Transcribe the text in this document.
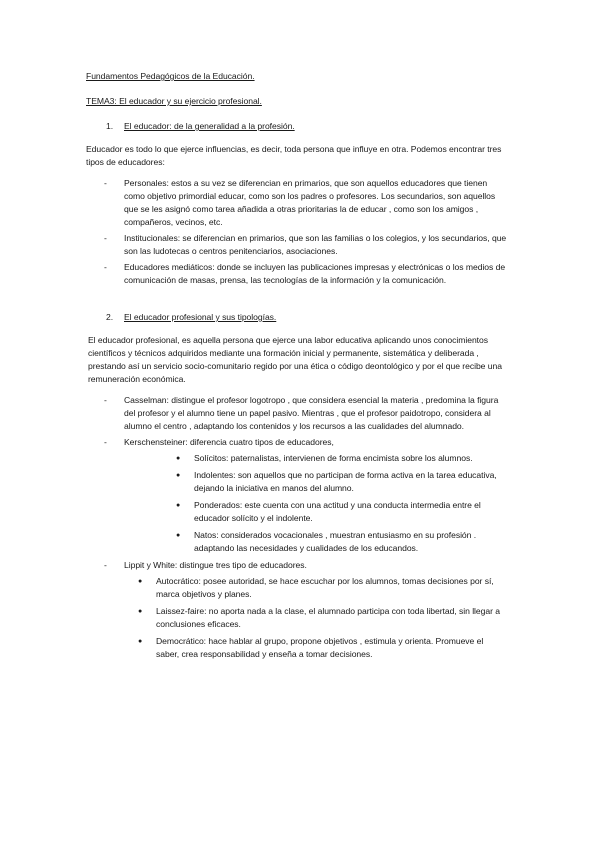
Fundamentos Pedagógicos de la Educación.
TEMA3: El educador y su ejercicio profesional.
1.	El educador: de la generalidad a la profesión.

Educador es todo lo que ejerce influencias, es decir, toda persona que influye en otra. Podemos encontrar tres tipos de educadores:

- Personales: estos a su vez se diferencian en primarios, que son aquellos educadores que tienen como objetivo primordial educar, como son los padres o profesores. Los secundarios, son aquellos que se les asignó como tarea añadida a otras prioritarias la de educar , como son los amigos , compañeros, vecinos, etc.
- Institucionales: se diferencian en primarios, que son las familias o los colegios, y los secundarios, que son las ludotecas o centros penitenciarios, asociaciones.
- Educadores mediáticos: donde se incluyen las publicaciones impresas y electrónicas o los medios de comunicación de masas, prensa, las tecnologías de la información y la comunicación.
2.	El educador profesional y sus tipologías.

El educador profesional, es aquella persona que ejerce una labor educativa aplicando unos conocimientos científicos y técnicos adquiridos mediante una formación inicial y permanente, sistemática y deliberada , prestando así un servicio socio-comunitario regido por una ética o código deontológico y por el que recibe una remuneración económica.

- Casselman: distingue el profesor logotropo , que considera esencial la materia , predomina la figura del profesor y el alumno tiene un papel pasivo. Mientras , que el profesor paidotropo, considera al alumno el centro , adaptando los contenidos y los recursos a las cualidades del alumnado.
- Kerschensteiner: diferencia cuatro tipos de educadores,
● Solícitos: paternalistas, intervienen de forma encimista sobre los alumnos.
● Indolentes: son aquellos que no participan de forma activa en la tarea educativa, dejando la iniciativa en manos del alumno.
● Ponderados: este cuenta con una actitud y una conducta intermedia entre el educador solícito y el indolente.
● Natos: considerados vocacionales , muestran entusiasmo en su profesión . adaptando las necesidades y cualidades de los educandos.
- Lippit y White: distingue tres tipo de educadores.
● Autocrático: posee autoridad, se hace escuchar por los alumnos, tomas decisiones por sí, marca objetivos y planes.
● Laissez-faire: no aporta nada a la clase, el alumnado participa con toda libertad, sin llegar a conclusiones eficaces.
● Democrático: hace hablar al grupo, propone objetivos , estimula y orienta. Promueve el saber, crea responsabilidad y enseña a tomar decisiones.
